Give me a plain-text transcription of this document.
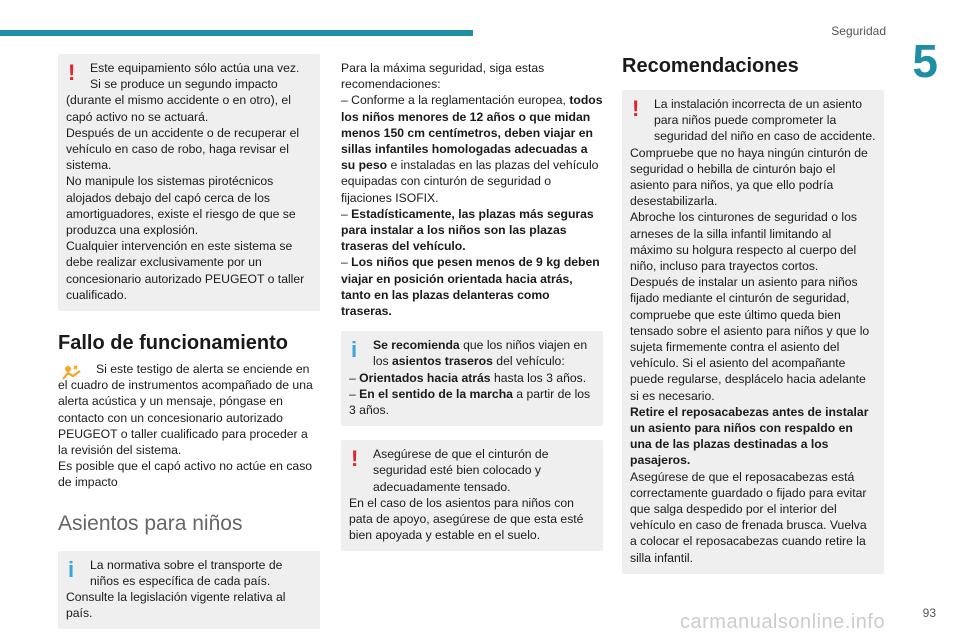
Seguridad
5
!	Este equipamiento sólo actúa una vez.

Si se produce un segundo impacto (durante el mismo accidente o en otro), el capó activo no se actuará.

Después de un accidente o de recuperar el vehículo en caso de robo, haga revisar el sistema.

No manipule los sistemas pirotécnicos alojados debajo del capó cerca de los amortiguadores, existe el riesgo de que se produzca una explosión.

Cualquier intervención en este sistema se debe realizar exclusivamente por un concesionario autorizado PEUGEOT o taller cualificado.

Fallo de funcionamiento

Si este testigo de alerta se enciende en el cuadro de instrumentos acompañado de una alerta acústica y un mensaje, póngase en contacto con un concesionario autorizado PEUGEOT o taller cualificado para proceder a la revisión del sistema.

Es posible que el capó activo no actúe en caso de impacto

Asientos para niños
i	La normativa sobre el transporte de niños es específica de cada país.

Consulte la legislación vigente relativa al país.

Para la máxima seguridad, siga estas recomendaciones:

– Conforme a la reglamentación europea, todos los niños menores de 12 años o que midan menos 150 cm centímetros, deben viajar en sillas infantiles homologadas adecuadas a su peso e instaladas en las plazas del vehículo equipadas con cinturón de seguridad o fijaciones ISOFIX.

– Estadísticamente, las plazas más seguras para instalar a los niños son las plazas traseras del vehículo.

– Los niños que pesen menos de 9 kg deben viajar en posición orientada hacia atrás, tanto en las plazas delanteras como traseras.

i	Se recomienda que los niños viajen en los asientos traseros del vehículo:

– Orientados hacia atrás hasta los 3 años.

– En el sentido de la marcha a partir de los 3 años.

!	Asegúrese de que el cinturón de seguridad esté bien colocado y adecuadamente tensado.

En el caso de los asientos para niños con pata de apoyo, asegúrese de que esta esté bien apoyada y estable en el suelo.

Recomendaciones
!	La instalación incorrecta de un asiento para niños puede comprometer la seguridad del niño en caso de accidente.

Compruebe que no haya ningún cinturón de seguridad o hebilla de cinturón bajo el asiento para niños, ya que ello podría desestabilizarla.

Abroche los cinturones de seguridad o los arneses de la silla infantil limitando al máximo su holgura respecto al cuerpo del niño, incluso para trayectos cortos.

Después de instalar un asiento para niños fijado mediante el cinturón de seguridad, compruebe que este último queda bien tensado sobre el asiento para niños y que lo sujeta firmemente contra el asiento del vehículo. Si el asiento del acompañante puede regularse, desplácelo hacia adelante si es necesario.

Retire el reposacabezas antes de instalar un asiento para niños con respaldo en una de las plazas destinadas a los pasajeros.

Asegúrese de que el reposacabezas está correctamente guardado o fijado para evitar que salga despedido por el interior del vehículo en caso de frenada brusca. Vuelva a colocar el reposacabezas cuando retire la silla infantil.

carmanualsonline.info	93
